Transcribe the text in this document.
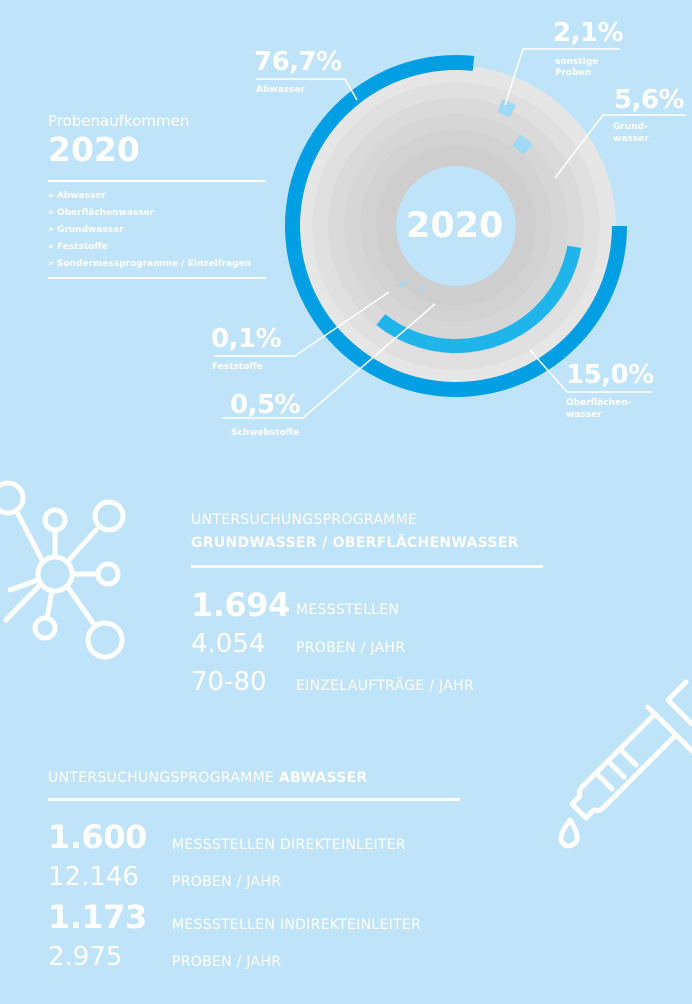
76,7%
Abwasser
2,1%
sonstige
Proben
5,6%
Grund-
wasser
15,0%
Oberflächen-
wasser
0,1%
Feststoffe
0,5%
Schwebstoffe
2020
Probenaufkommen
2020
» Abwasser
» Oberflächenwasser
» Grundwasser
» Feststoffe
» Sondermessprogramme / Einzelfragen
UNTERSUCHUNGSPROGRAMME
GRUNDWASSER / OBERFLÄCHENWASSER
1.694 MESSSTELLEN
4.054 PROBEN / JAHR
70-80 EINZELAUFTRÄGE / JAHR
UNTERSUCHUNGSPROGRAMME ABWASSER
1.600 MESSSTELLEN DIREKTEINLEITER
12.146 PROBEN / JAHR
1.173 MESSSTELLEN INDIREKTEINLEITER
2.975	PROBEN / JAHR
